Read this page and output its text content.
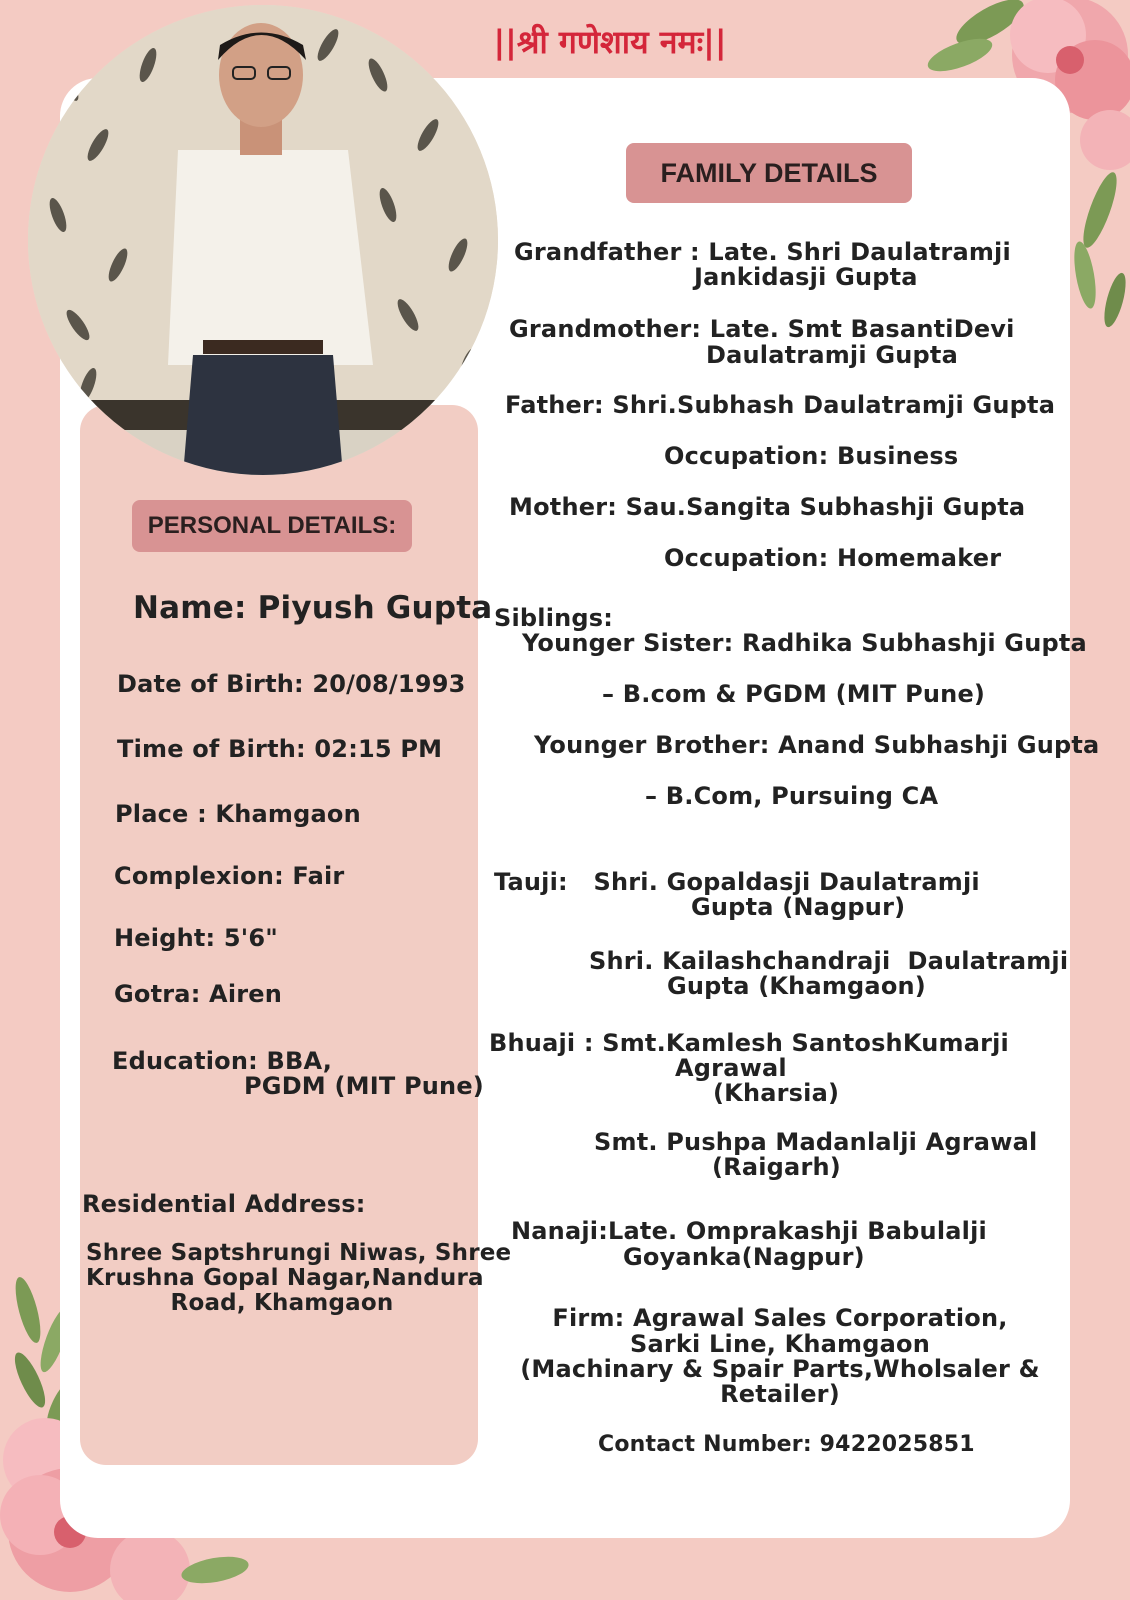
||श्री गणेशाय नमः||
FAMILY DETAILS
PERSONAL DETAILS:
Name: Piyush Gupta
Date of Birth: 20/08/1993
Time of Birth: 02:15 PM
Place : Khamgaon
Complexion: Fair
Height: 5'6"
Gotra: Airen
Education: BBA,
PGDM (MIT Pune)
Residential Address:
Shree Saptshrungi Niwas, Shree
Krushna Gopal Nagar,Nandura
Road, Khamgaon
Grandfather : Late. Shri Daulatramji
Jankidasji Gupta
Grandmother: Late. Smt BasantiDevi
Daulatramji Gupta
Father: Shri.Subhash Daulatramji Gupta
Occupation: Business
Mother: Sau.Sangita Subhashji Gupta
Occupation: Homemaker
Siblings:
Younger Sister: Radhika Subhashji Gupta
– B.com & PGDM (MIT Pune)
Younger Brother: Anand Subhashji Gupta
– B.Com, Pursuing CA
Tauji:   Shri. Gopaldasji Daulatramji
Gupta (Nagpur)
Shri. Kailashchandraji  Daulatramji
Gupta (Khamgaon)
Bhuaji : Smt.Kamlesh SantoshKumarji
Agrawal
(Kharsia)
Smt. Pushpa Madanlalji Agrawal
(Raigarh)
Nanaji:Late. Omprakashji Babulalji
Goyanka(Nagpur)
Firm: Agrawal Sales Corporation,
Sarki Line, Khamgaon
(Machinary & Spair Parts,Wholsaler &
Retailer)
Contact Number: 9422025851
